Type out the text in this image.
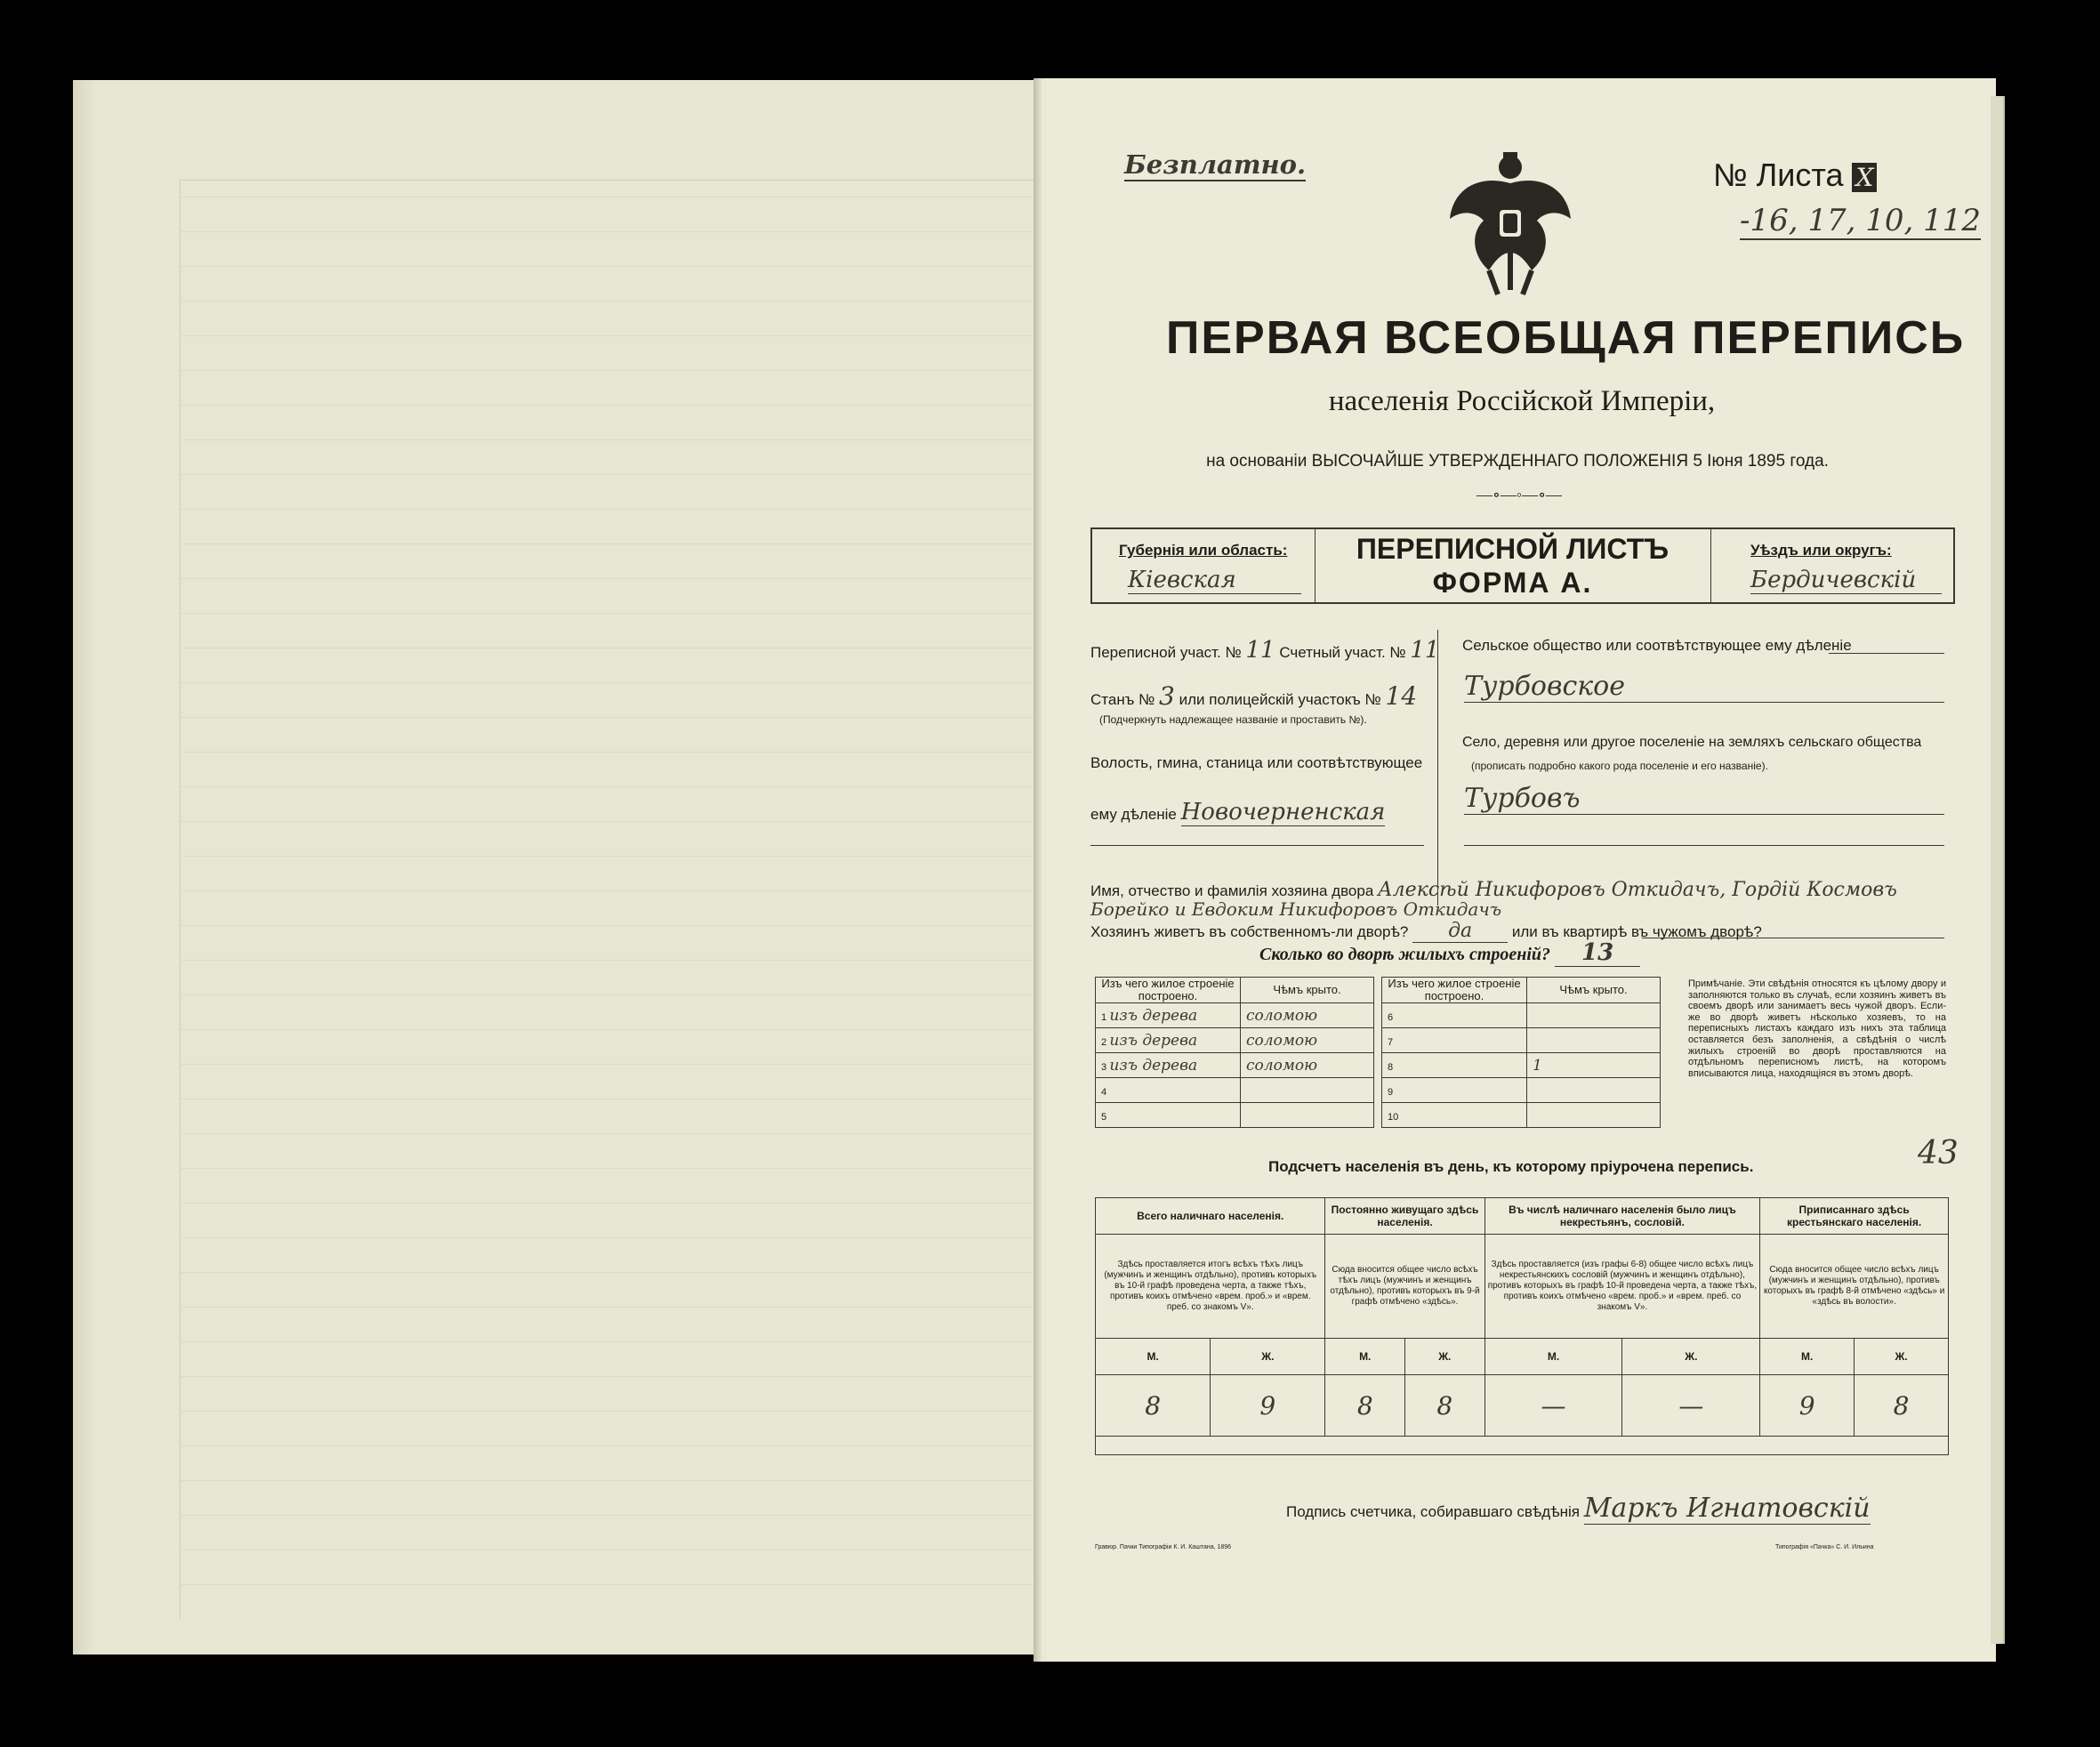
Безплатно.	№ Листа X
-16, 17, 10, 112
ПЕРВАЯ ВСЕОБЩАЯ ПЕРЕПИСЬ
населенія Россійской Имперіи,
на основаніи ВЫСОЧАЙШЕ УТВЕРЖДЕННАГО ПОЛОЖЕНІЯ 5 Іюня 1895 года.
—∘—◦—∘—
Губернія или область:
Кіевская
ПЕРЕПИСНОЙ ЛИСТЪ
ФОРМА А.
Уѣздъ или округъ:
Бердичевскій
Переписной участ. № 11 Счетный участ. № 11
Станъ № 3 или полицейскій участокъ № 14
(Подчеркнуть надлежащее названіе и проставить №).
Волость, гмина, станица или соотвѣтствующее
ему дѣленіе Новочерненская
Сельское общество или соотвѣтствующее ему дѣленіе
Турбовское
Село, деревня или другое поселеніе на земляхъ сельскаго общества
(прописать подробно какого рода поселеніе и его названіе).
Турбовъ
Имя, отчество и фамилія хозяина двора Алексѣй Никифоровъ Откидачъ, Гордій Космовъ
Борейко и Евдоким Никифоровъ Откидачъ
Хозяинъ живетъ въ собственномъ-ли дворѣ? да	или въ квартирѣ въ чужомъ дворѣ?
Сколько во дворѣ жилыхъ строеній? 13
Изъ чего жилое строеніе построено.	Чѣмъ крыто.
1 изъ дерева	соломою
2 изъ дерева	соломою
3 изъ дерева	соломою
4	
5	
Изъ чего жилое строеніе построено.	Чѣмъ крыто.
6	
7	
8	1
9	
10	
Примѣчаніе. Эти свѣдѣнія относятся къ цѣлому двору и заполняются только въ случаѣ, если хозяинъ живетъ въ своемъ дворѣ или занимаетъ весь чужой дворъ. Если-же во дворѣ живетъ нѣсколько хозяевъ, то на переписныхъ листахъ каждаго изъ нихъ эта таблица оставляется безъ заполненія, а свѣдѣнія о числѣ жилыхъ строеній во дворѣ проставляются на отдѣльномъ переписномъ листѣ, на которомъ вписываются лица, находящіяся въ этомъ дворѣ.
43
Подсчетъ населенія въ день, къ которому пріурочена перепись.
Всего наличнаго населенія.		Постоянно живущаго здѣсь населенія.		Въ числѣ наличнаго населенія было лицъ некрестьянъ, сословій.		Приписаннаго здѣсь крестьянскаго населенія.	
Здѣсь проставляется итогъ всѣхъ тѣхъ лицъ (мужчинъ и женщинъ отдѣльно), противъ которыхъ въ 10-й графѣ проведена черта, а также тѣхъ, противъ коихъ отмѣчено «врем. проб.» и «врем. преб. со знакомъ V».		Сюда вносится общее число всѣхъ тѣхъ лицъ (мужчинъ и женщинъ отдѣльно), противъ которыхъ въ 9-й графѣ отмѣчено «здѣсь».		Здѣсь проставляется (изъ графы 6-8) общее число всѣхъ лицъ некрестьянскихъ сословій (мужчинъ и женщинъ отдѣльно), противъ которыхъ въ графѣ 10-й проведена черта, а также тѣхъ, противъ коихъ отмѣчено «врем. проб.» и «врем. преб. со знакомъ V».		Сюда вносится общее число всѣхъ лицъ (мужчинъ и женщинъ отдѣльно), противъ которыхъ въ графѣ 8-й отмѣчено «здѣсь» и «здѣсь въ волости».	
М.	Ж.	М.	Ж.	М.	Ж.	М.	Ж.
8	9	8	8	—	—	9	8

Подпись счетчика, собиравшаго свѣдѣнія Маркъ Игнатовскій
Гравюр. Пачки Типографіи К. И. Каштана, 1896	Типографія «Пачка» С. И. Ильина
